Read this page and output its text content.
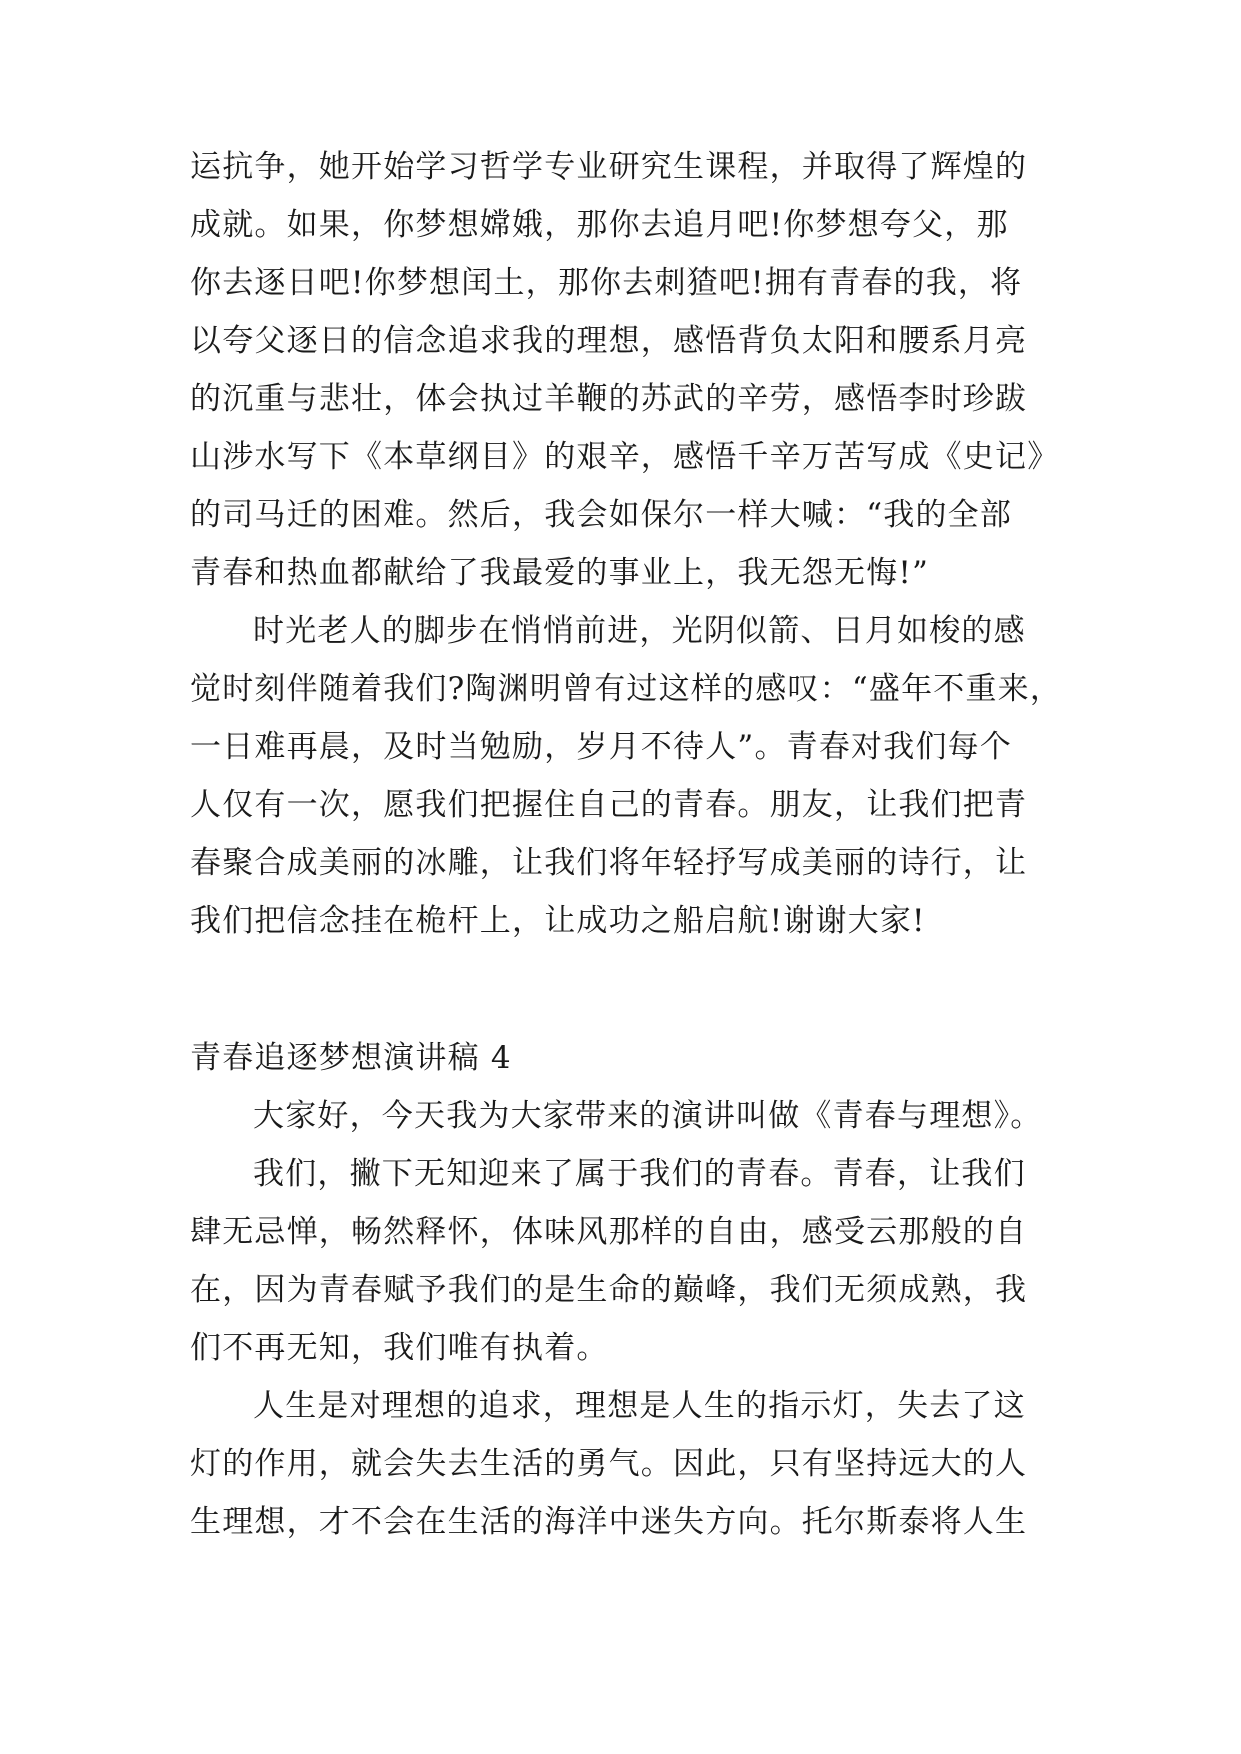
运抗争，她开始学习哲学专业研究生课程，并取得了辉煌的
成就。如果，你梦想嫦娥，那你去追月吧!你梦想夸父，那
你去逐日吧!你梦想闰土，那你去刺猹吧!拥有青春的我，将
以夸父逐日的信念追求我的理想，感悟背负太阳和腰系月亮
的沉重与悲壮，体会执过羊鞭的苏武的辛劳，感悟李时珍跋
山涉水写下《本草纲目》的艰辛，感悟千辛万苦写成《史记》
的司马迁的困难。然后，我会如保尔一样大喊：“我的全部
青春和热血都献给了我最爱的事业上，我无怨无悔!”
时光老人的脚步在悄悄前进，光阴似箭、日月如梭的感
觉时刻伴随着我们?陶渊明曾有过这样的感叹：“盛年不重来，
一日难再晨，及时当勉励，岁月不待人”。青春对我们每个
人仅有一次，愿我们把握住自己的青春。朋友，让我们把青
春聚合成美丽的冰雕，让我们将年轻抒写成美丽的诗行，让
我们把信念挂在桅杆上，让成功之船启航!谢谢大家!
青春追逐梦想演讲稿 4
大家好，今天我为大家带来的演讲叫做《青春与理想》。
我们，撇下无知迎来了属于我们的青春。青春，让我们
肆无忌惮，畅然释怀，体味风那样的自由，感受云那般的自
在，因为青春赋予我们的是生命的巅峰，我们无须成熟，我
们不再无知，我们唯有执着。
人生是对理想的追求，理想是人生的指示灯，失去了这
灯的作用，就会失去生活的勇气。因此，只有坚持远大的人
生理想，才不会在生活的海洋中迷失方向。托尔斯泰将人生
